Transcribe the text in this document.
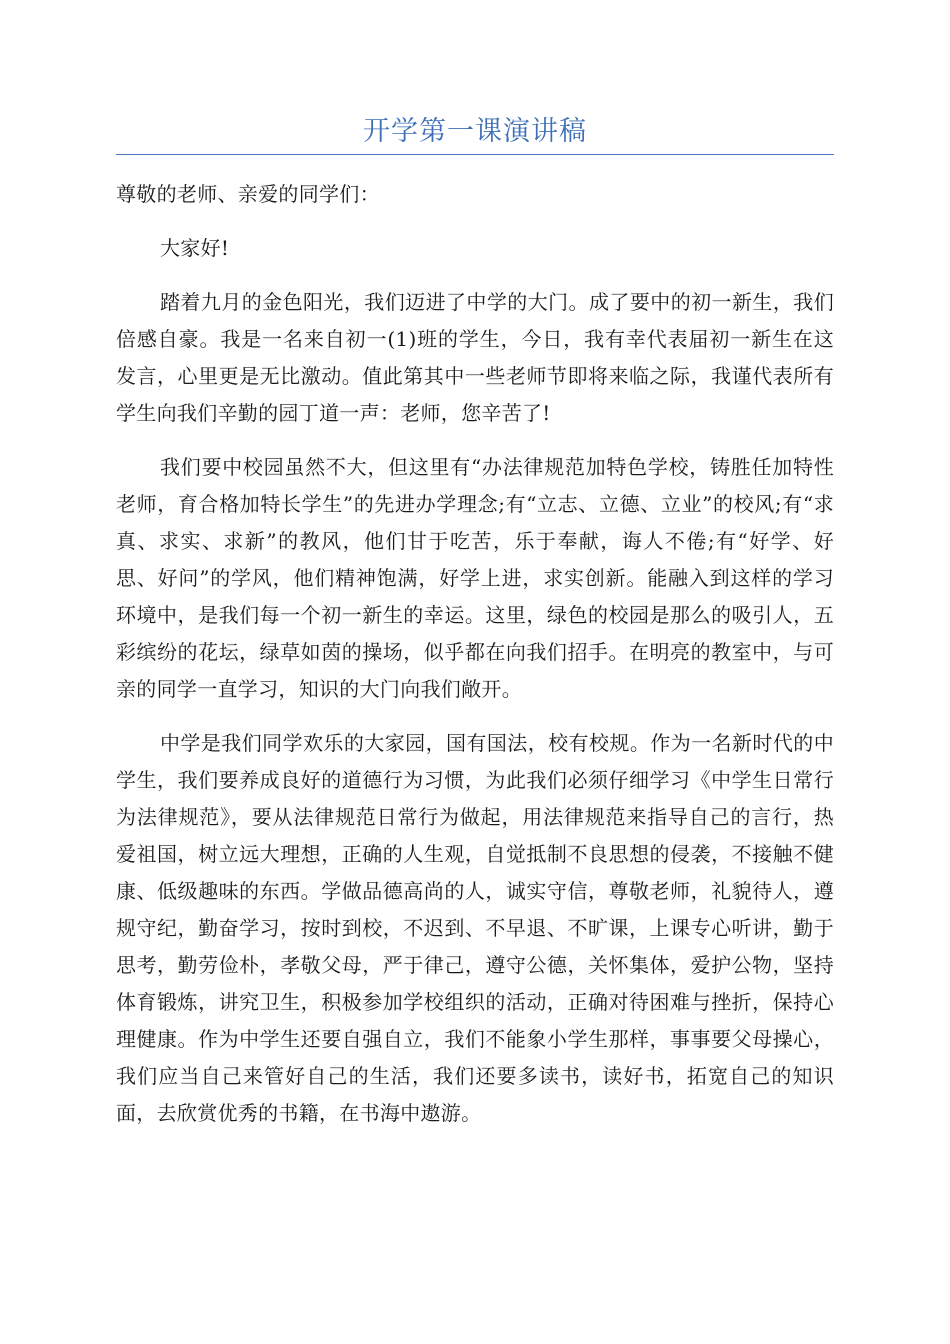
开学第一课演讲稿

尊敬的老师、亲爱的同学们：

大家好!

踏着九月的金色阳光，我们迈进了中学的大门。成了要中的初一新生，我们倍感自豪。我是一名来自初一(1)班的学生，今日，我有幸代表届初一新生在这发言，心里更是无比激动。值此第其中一些老师节即将来临之际，我谨代表所有学生向我们辛勤的园丁道一声：老师，您辛苦了!

我们要中校园虽然不大，但这里有“办法律规范加特色学校，铸胜任加特性老师，育合格加特长学生”的先进办学理念;有“立志、立德、立业”的校风;有“求真、求实、求新”的教风，他们甘于吃苦，乐于奉献，诲人不倦;有“好学、好思、好问”的学风，他们精神饱满，好学上进，求实创新。能融入到这样的学习环境中，是我们每一个初一新生的幸运。这里，绿色的校园是那么的吸引人，五彩缤纷的花坛，绿草如茵的操场，似乎都在向我们招手。在明亮的教室中，与可亲的同学一直学习，知识的大门向我们敞开。

中学是我们同学欢乐的大家园，国有国法，校有校规。作为一名新时代的中学生，我们要养成良好的道德行为习惯，为此我们必须仔细学习《中学生日常行为法律规范》，要从法律规范日常行为做起，用法律规范来指导自己的言行，热爱祖国，树立远大理想，正确的人生观，自觉抵制不良思想的侵袭，不接触不健康、低级趣味的东西。学做品德高尚的人，诚实守信，尊敬老师，礼貌待人，遵规守纪，勤奋学习，按时到校，不迟到、不早退、不旷课，上课专心听讲，勤于思考，勤劳俭朴，孝敬父母，严于律己，遵守公德，关怀集体，爱护公物，坚持体育锻炼，讲究卫生，积极参加学校组织的活动，正确对待困难与挫折，保持心理健康。作为中学生还要自强自立，我们不能象小学生那样，事事要父母操心，我们应当自己来管好自己的生活，我们还要多读书，读好书，拓宽自己的知识面，去欣赏优秀的书籍，在书海中遨游。
